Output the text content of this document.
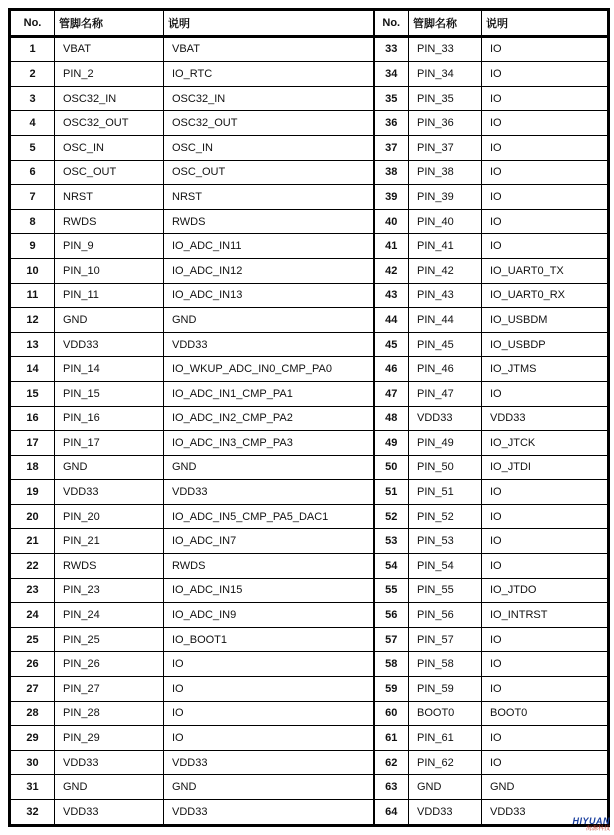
No.	管脚名称	说明	No.	管脚名称	说明
1	VBAT	VBAT	33	PIN_33	IO
2	PIN_2	IO_RTC	34	PIN_34	IO
3	OSC32_IN	OSC32_IN	35	PIN_35	IO
4	OSC32_OUT	OSC32_OUT	36	PIN_36	IO
5	OSC_IN	OSC_IN	37	PIN_37	IO
6	OSC_OUT	OSC_OUT	38	PIN_38	IO
7	NRST	NRST	39	PIN_39	IO
8	RWDS	RWDS	40	PIN_40	IO
9	PIN_9	IO_ADC_IN11	41	PIN_41	IO
10	PIN_10	IO_ADC_IN12	42	PIN_42	IO_UART0_TX
11	PIN_11	IO_ADC_IN13	43	PIN_43	IO_UART0_RX
12	GND	GND	44	PIN_44	IO_USBDM
13	VDD33	VDD33	45	PIN_45	IO_USBDP
14	PIN_14	IO_WKUP_ADC_IN0_CMP_PA0	46	PIN_46	IO_JTMS
15	PIN_15	IO_ADC_IN1_CMP_PA1	47	PIN_47	IO
16	PIN_16	IO_ADC_IN2_CMP_PA2	48	VDD33	VDD33
17	PIN_17	IO_ADC_IN3_CMP_PA3	49	PIN_49	IO_JTCK
18	GND	GND	50	PIN_50	IO_JTDI
19	VDD33	VDD33	51	PIN_51	IO
20	PIN_20	IO_ADC_IN5_CMP_PA5_DAC1	52	PIN_52	IO
21	PIN_21	IO_ADC_IN7	53	PIN_53	IO
22	RWDS	RWDS	54	PIN_54	IO
23	PIN_23	IO_ADC_IN15	55	PIN_55	IO_JTDO
24	PIN_24	IO_ADC_IN9	56	PIN_56	IO_INTRST
25	PIN_25	IO_BOOT1	57	PIN_57	IO
26	PIN_26	IO	58	PIN_58	IO
27	PIN_27	IO	59	PIN_59	IO
28	PIN_28	IO	60	BOOT0	BOOT0
29	PIN_29	IO	61	PIN_61	IO
30	VDD33	VDD33	62	PIN_62	IO
31	GND	GND	63	GND	GND
32	VDD33	VDD33	64	VDD33	VDD33
HIYUAN
海源科技
